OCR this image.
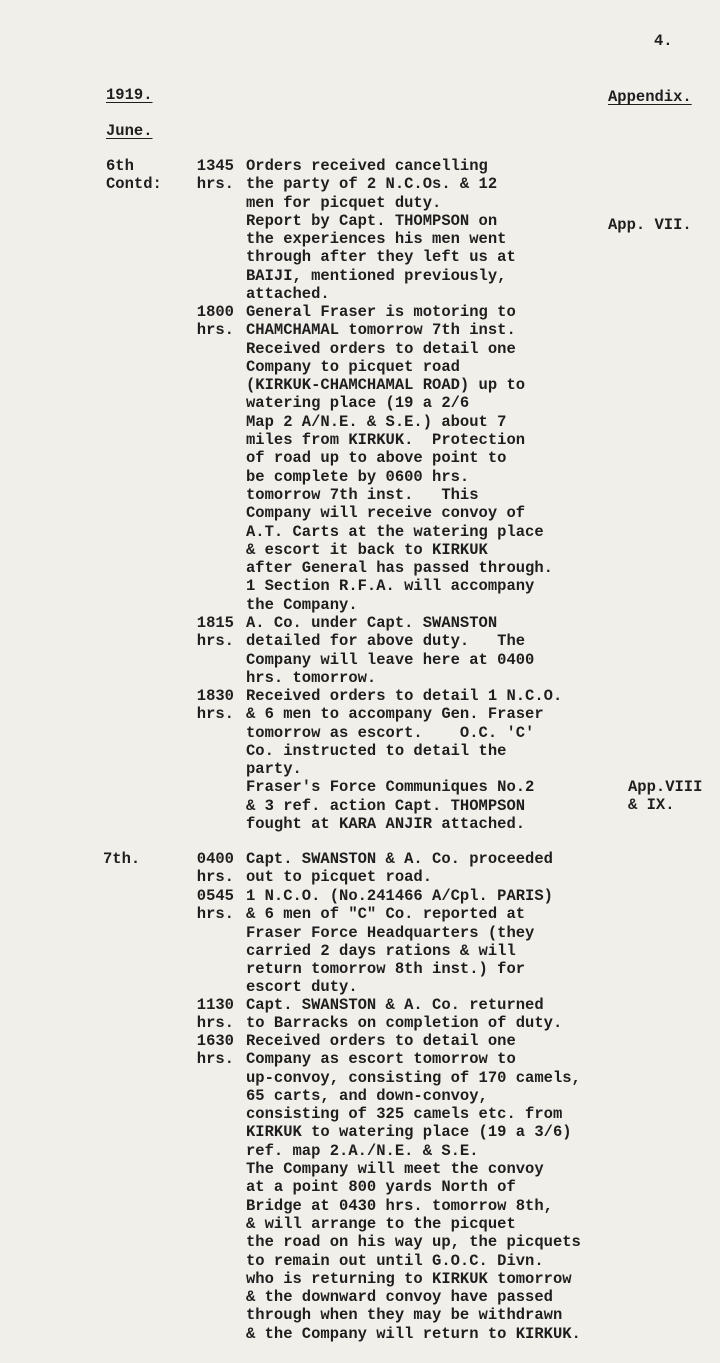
4.
1919.	Appendix.
June.
6th
Contd:
1345
hrs.
Orders received cancelling
the party of 2 N.C.Os. & 12
men for picquet duty.
Report by Capt. THOMPSON on
the experiences his men went
through after they left us at
BAIJI, mentioned previously,
attached.
App. VII.
1800
hrs.
General Fraser is motoring to
CHAMCHAMAL tomorrow 7th inst.
Received orders to detail one
Company to picquet road
(KIRKUK-CHAMCHAMAL ROAD) up to
watering place (19 a 2/6
Map 2 A/N.E. & S.E.) about 7
miles from KIRKUK.  Protection
of road up to above point to
be complete by 0600 hrs.
tomorrow 7th inst.   This
Company will receive convoy of
A.T. Carts at the watering place
& escort it back to KIRKUK
after General has passed through.
1 Section R.F.A. will accompany
the Company.
1815
hrs.
A. Co. under Capt. SWANSTON
detailed for above duty.   The
Company will leave here at 0400
hrs. tomorrow.
1830
hrs.
Received orders to detail 1 N.C.O.
& 6 men to accompany Gen. Fraser
tomorrow as escort.    O.C. 'C'
Co. instructed to detail the
party.
Fraser's Force Communiques No.2
& 3 ref. action Capt. THOMPSON
fought at KARA ANJIR attached.
App.VIII
& IX.
7th.	0400
hrs.
Capt. SWANSTON & A. Co. proceeded
out to picquet road.
0545
hrs.
1 N.C.O. (No.241466 A/Cpl. PARIS)
& 6 men of "C" Co. reported at
Fraser Force Headquarters (they
carried 2 days rations & will
return tomorrow 8th inst.) for
escort duty.
1130
hrs.
Capt. SWANSTON & A. Co. returned
to Barracks on completion of duty.
1630
hrs.
Received orders to detail one
Company as escort tomorrow to
up-convoy, consisting of 170 camels,
65 carts, and down-convoy,
consisting of 325 camels etc. from
KIRKUK to watering place (19 a 3/6)
ref. map 2.A./N.E. & S.E.
The Company will meet the convoy
at a point 800 yards North of
Bridge at 0430 hrs. tomorrow 8th,
& will arrange to the picquet
the road on his way up, the picquets
to remain out until G.O.C. Divn.
who is returning to KIRKUK tomorrow
& the downward convoy have passed
through when they may be withdrawn
& the Company will return to KIRKUK.
